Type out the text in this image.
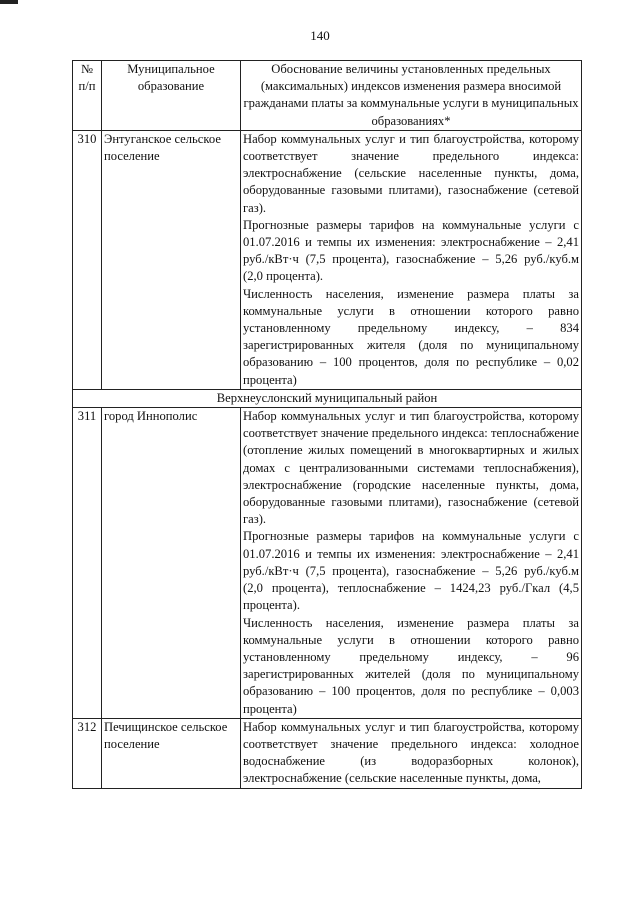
140
№ п/п	Муниципальное образование	Обоснование величины установленных предельных (максимальных) индексов изменения размера вносимой гражданами платы за коммунальные услуги в муниципальных образованиях*
310	Энтуганское сельское поселение	Набор коммунальных услуг и тип благоустройства, которому соответствует значение предельного индекса: электроснабжение (сельские населенные пункты, дома, оборудованные газовыми плитами), газоснабжение (сетевой газ).

Прогнозные размеры тарифов на коммунальные услуги с 01.07.2016 и темпы их изменения: электроснабжение – 2,41 руб./кВт·ч (7,5 процента), газоснабжение – 5,26 руб./куб.м (2,0 процента).

Численность населения, изменение размера платы за коммунальные услуги в отношении которого равно установленному предельному индексу, – 834 зарегистрированных жителя (доля по муниципальному образованию – 100 процентов, доля по республике – 0,02 процента)

Верхнеуслонский муниципальный район		
311	город Иннополис	Набор коммунальных услуг и тип благоустройства, которому соответствует значение предельного индекса: теплоснабжение (отопление жилых помещений в многоквартирных и жилых домах с централизованными системами теплоснабжения), электроснабжение (городские населенные пункты, дома, оборудованные газовыми плитами), газоснабжение (сетевой газ).

Прогнозные размеры тарифов на коммунальные услуги с 01.07.2016 и темпы их изменения: электроснабжение – 2,41 руб./кВт·ч (7,5 процента), газоснабжение – 5,26 руб./куб.м (2,0 процента), теплоснабжение – 1424,23 руб./Гкал (4,5 процента).

Численность населения, изменение размера платы за коммунальные услуги в отношении которого равно установленному предельному индексу, – 96 зарегистрированных жителей (доля по муниципальному образованию – 100 процентов, доля по республике – 0,003 процента)

312	Печищинское сельское поселение	Набор коммунальных услуг и тип благоустройства, которому соответствует значение предельного индекса: холодное водоснабжение (из водоразборных колонок), электроснабжение (сельские населенные пункты, дома,
